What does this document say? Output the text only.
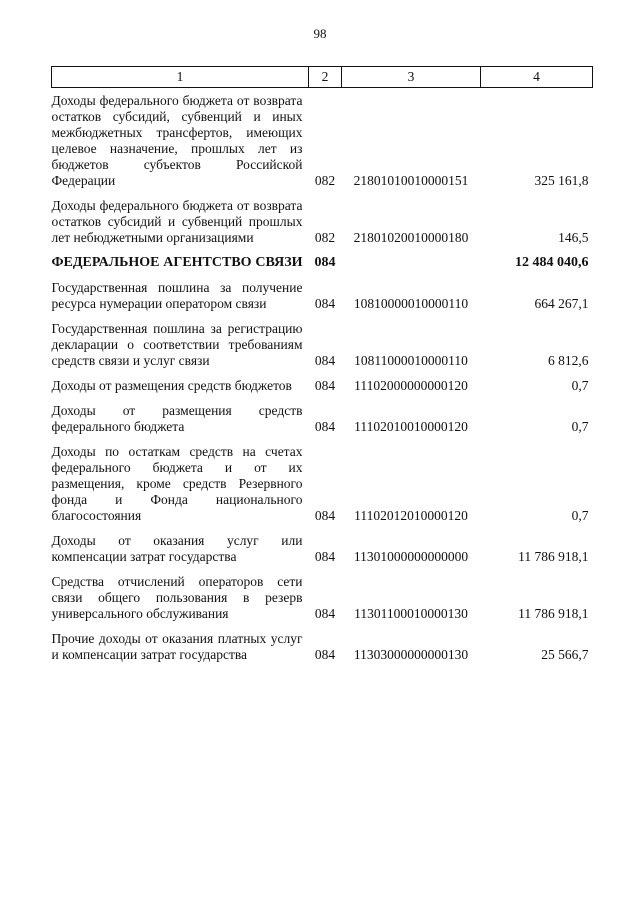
98
1	2	3	4
Доходы федерального бюджета от возврата остатков субсидий, субвенций и иных межбюджетных трансфертов, имеющих целевое назначение, прошлых лет из бюджетов субъектов Российской Федерации	082	21801010010000151	325 161,8
Доходы федерального бюджета от возврата остатков субсидий и субвенций прошлых лет небюджетными организациями	082	21801020010000180	146,5
ФЕДЕРАЛЬНОЕ АГЕНТСТВО СВЯЗИ	084		12 484 040,6
Государственная пошлина за получение ресурса нумерации оператором связи	084	10810000010000110	664 267,1
Государственная пошлина за регистрацию декларации о соответствии требованиям средств связи и услуг связи	084	10811000010000110	6 812,6
Доходы от размещения средств бюджетов	084	11102000000000120	0,7
Доходы от размещения средств федерального бюджета	084	11102010010000120	0,7
Доходы по остаткам средств на счетах федерального бюджета и от их размещения, кроме средств Резервного фонда и Фонда национального благосостояния	084	11102012010000120	0,7
Доходы от оказания услуг или компенсации затрат государства	084	11301000000000000	11 786 918,1
Средства отчислений операторов сети связи общего пользования в резерв универсального обслуживания	084	11301100010000130	11 786 918,1
Прочие доходы от оказания платных услуг и компенсации затрат государства	084	11303000000000130	25 566,7
